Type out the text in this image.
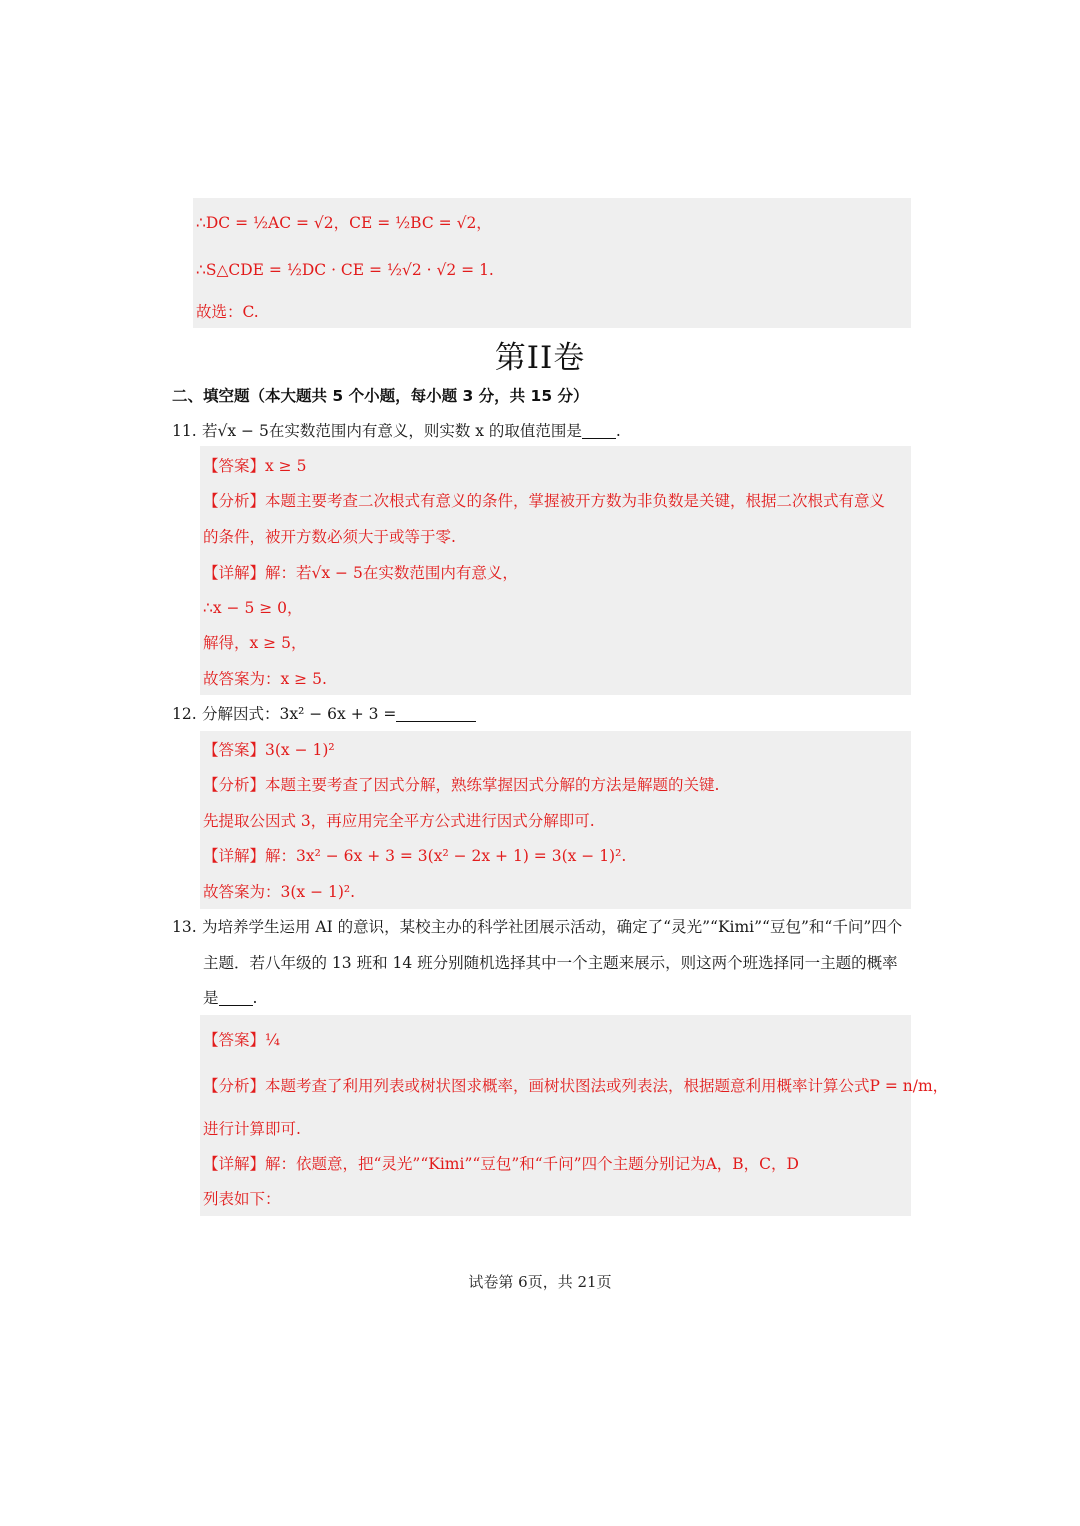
∴DC = ½AC = √2，CE = ½BC = √2，
∴S△CDE = ½DC · CE = ½√2 · √2 = 1.
故选：C.
第II卷
二、填空题（本大题共 5 个小题，每小题 3 分，共 15 分）
11. 若√x − 5在实数范围内有意义，则实数 x 的取值范围是 .
【答案】x ≥ 5
【分析】本题主要考查二次根式有意义的条件，掌握被开方数为非负数是关键，根据二次根式有意义
的条件，被开方数必须大于或等于零.
【详解】解：若√x − 5在实数范围内有意义，
∴x − 5 ≥ 0，
解得，x ≥ 5，
故答案为：x ≥ 5.
12. 分解因式：3x² − 6x + 3 =
【答案】3(x − 1)²
【分析】本题主要考查了因式分解，熟练掌握因式分解的方法是解题的关键.
先提取公因式 3，再应用完全平方公式进行因式分解即可.
【详解】解：3x² − 6x + 3 = 3(x² − 2x + 1) = 3(x − 1)².
故答案为：3(x − 1)².
13. 为培养学生运用 AI 的意识，某校主办的科学社团展示活动，确定了“灵光”“Kimi”“豆包”和“千问”四个
主题．若八年级的 13 班和 14 班分别随机选择其中一个主题来展示，则这两个班选择同一主题的概率
是 .
【答案】¼
【分析】本题考查了利用列表或树状图求概率，画树状图法或列表法，根据题意利用概率计算公式P = n/m，
进行计算即可.
【详解】解：依题意，把“灵光”“Kimi”“豆包”和“千问”四个主题分别记为A，B，C，D
列表如下：
试卷第 6页，共 21页
